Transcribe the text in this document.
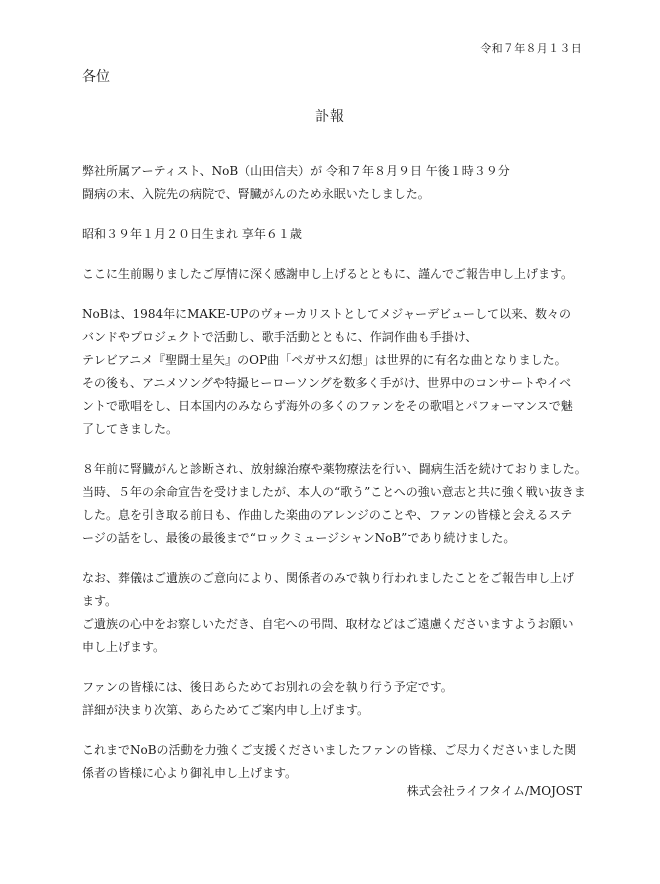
令和７年８月１３日
各位
訃報

弊社所属アーティスト、NoB（山田信夫）が 令和７年８月９日 午後１時３９分
闘病の末、入院先の病院で、腎臓がんのため永眠いたしました。

昭和３９年１月２０日生まれ 享年６１歳

ここに生前賜りましたご厚情に深く感謝申し上げるとともに、謹んでご報告申し上げます。

NoBは、1984年にMAKE-UPのヴォーカリストとしてメジャーデビューして以来、数々の
バンドやプロジェクトで活動し、歌手活動とともに、作詞作曲も手掛け、
テレビアニメ『聖闘士星矢』のOP曲「ペガサス幻想」は世界的に有名な曲となりました。
その後も、アニメソングや特撮ヒーローソングを数多く手がけ、世界中のコンサートやイベ
ントで歌唱をし、日本国内のみならず海外の多くのファンをその歌唱とパフォーマンスで魅
了してきました。

８年前に腎臓がんと診断され、放射線治療や薬物療法を行い、闘病生活を続けておりました。
当時、５年の余命宣告を受けましたが、本人の“歌う”ことへの強い意志と共に強く戦い抜きま
した。息を引き取る前日も、作曲した楽曲のアレンジのことや、ファンの皆様と会えるステ
ージの話をし、最後の最後まで“ロックミュージシャンNoB”であり続けました。

なお、葬儀はご遺族のご意向により、関係者のみで執り行われましたことをご報告申し上げ
ます。
ご遺族の心中をお察しいただき、自宅への弔問、取材などはご遠慮くださいますようお願い
申し上げます。

ファンの皆様には、後日あらためてお別れの会を執り行う予定です。
詳細が決まり次第、あらためてご案内申し上げます。

これまでNoBの活動を力強くご支援くださいましたファンの皆様、ご尽力くださいました関
係者の皆様に心より御礼申し上げます。

株式会社ライフタイム/MOJOST
